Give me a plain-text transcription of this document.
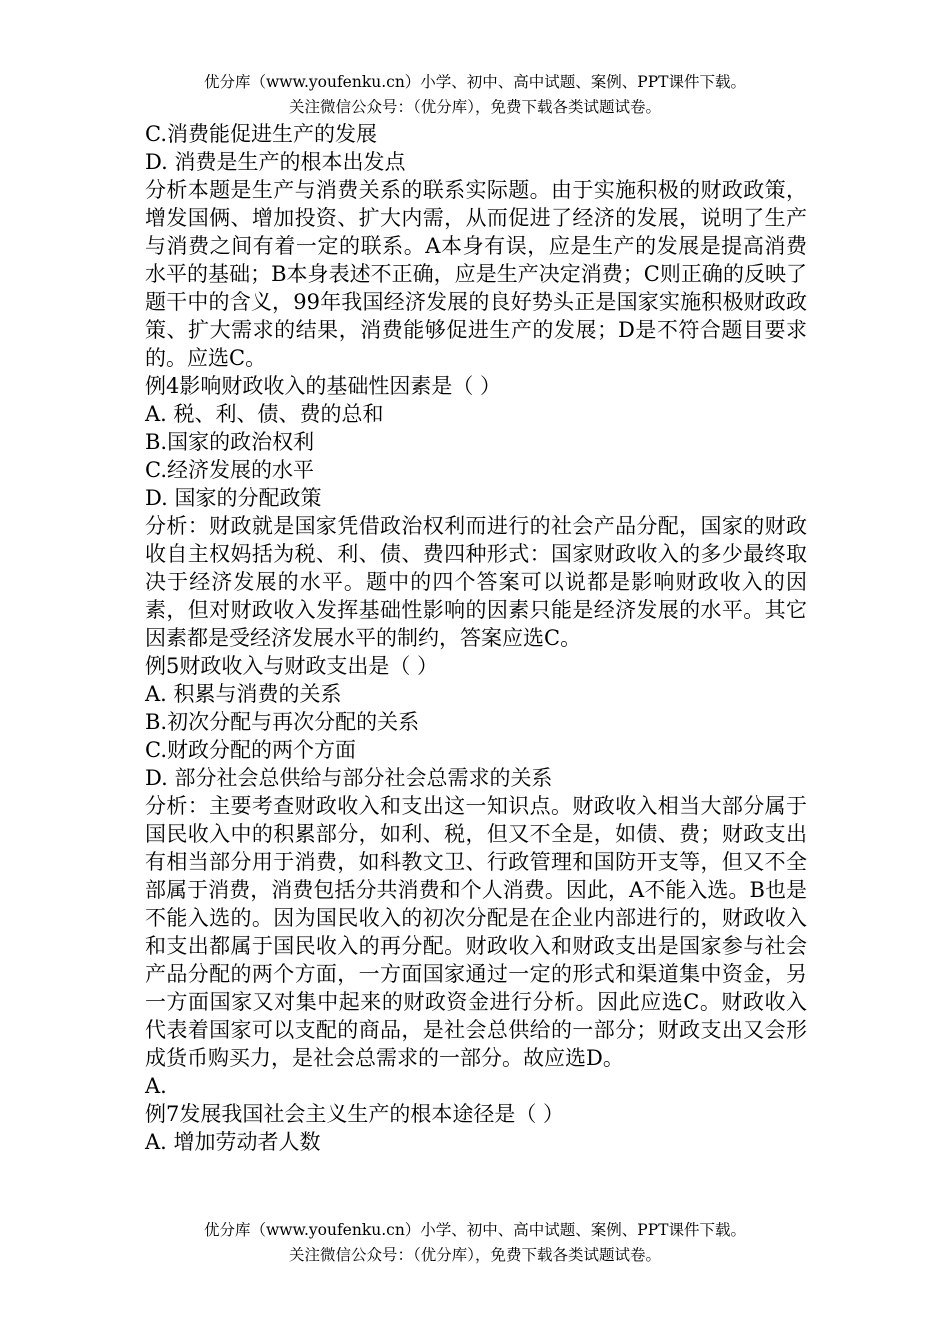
优分库（www.youfenku.cn）小学、初中、高中试题、案例、PPT课件下载。
关注微信公众号：（优分库），免费下载各类试题试卷。

C.消费能促进生产的发展

D. 消费是生产的根本出发点

分析本题是生产与消费关系的联系实际题。由于实施积极的财政政策，增发国俩、增加投资、扩大内需，从而促进了经济的发展，说明了生产与消费之间有着一定的联系。A本身有误，应是生产的发展是提高消费水平的基础；B本身表述不正确，应是生产决定消费；C则正确的反映了题干中的含义，99年我国经济发展的良好势头正是国家实施积极财政政策、扩大需求的结果，消费能够促进生产的发展；D是不符合题目要求的。应选C。

例4影响财政收入的基础性因素是（ ）

A. 税、利、债、费的总和

B.国家的政治权利

C.经济发展的水平

D. 国家的分配政策

分析：财政就是国家凭借政治权利而进行的社会产品分配，国家的财政收自主权妈括为税、利、债、费四种形式：国家财政收入的多少最终取决于经济发展的水平。题中的四个答案可以说都是影响财政收入的因素，但对财政收入发挥基础性影响的因素只能是经济发展的水平。其它因素都是受经济发展水平的制约，答案应选C。

例5财政收入与财政支出是（ ）

A. 积累与消费的关系

B.初次分配与再次分配的关系

C.财政分配的两个方面

D. 部分社会总供给与部分社会总需求的关系

分析：主要考查财政收入和支出这一知识点。财政收入相当大部分属于国民收入中的积累部分，如利、税，但又不全是，如债、费；财政支出有相当部分用于消费，如科教文卫、行政管理和国防开支等，但又不全部属于消费，消费包括分共消费和个人消费。因此，A不能入选。B也是不能入选的。因为国民收入的初次分配是在企业内部进行的，财政收入和支出都属于国民收入的再分配。财政收入和财政支出是国家参与社会产品分配的两个方面，一方面国家通过一定的形式和渠道集中资金，另一方面国家又对集中起来的财政资金进行分析。因此应选C。财政收入代表着国家可以支配的商品，是社会总供给的一部分；财政支出又会形成货币购买力，是社会总需求的一部分。故应选D。

A.

例7发展我国社会主义生产的根本途径是（ ）

A. 增加劳动者人数

优分库（www.youfenku.cn）小学、初中、高中试题、案例、PPT课件下载。
关注微信公众号：（优分库），免费下载各类试题试卷。
